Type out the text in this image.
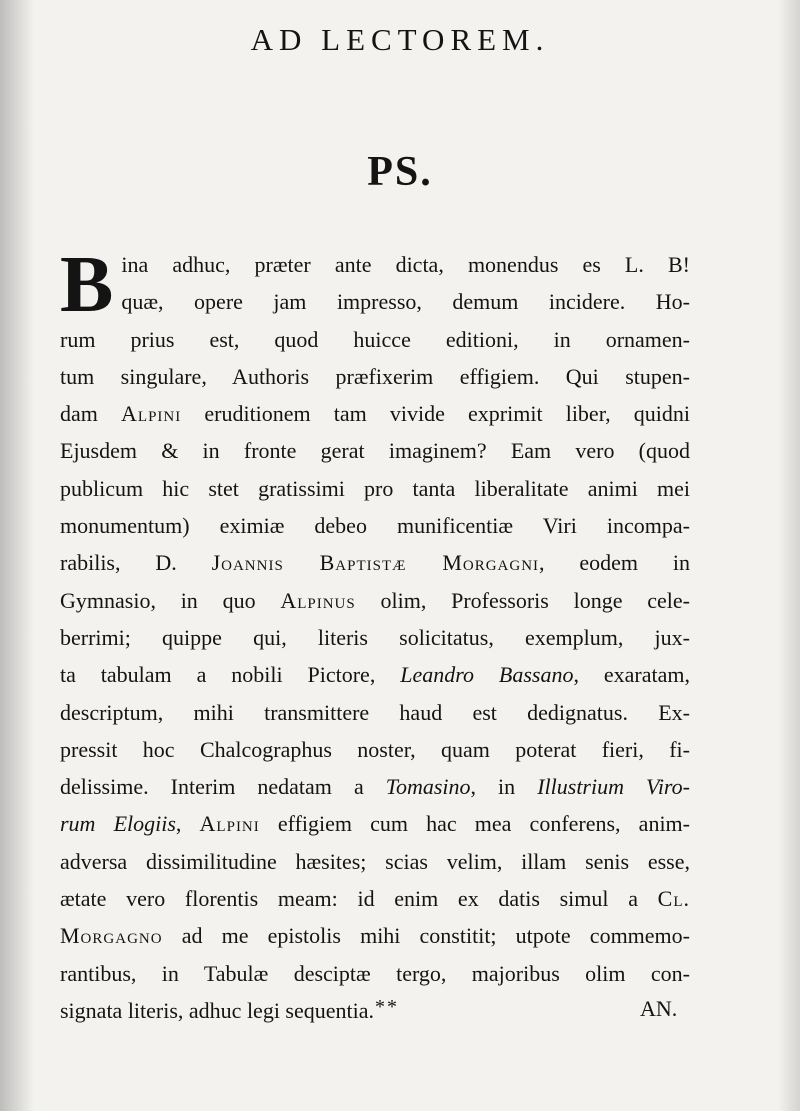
AD LECTOREM.
PS.
B ina adhuc, præter ante dicta, monendus es L. B!
quæ, opere jam impresso, demum incidere. Ho-
rum prius est, quod huicce editioni, in ornamen-
tum singulare, Authoris præfixerim effigiem. Qui stupen-
dam Alpini eruditionem tam vivide exprimit liber, quidni
Ejusdem & in fronte gerat imaginem? Eam vero (quod
publicum hic stet gratissimi pro tanta liberalitate animi mei
monumentum) eximiæ debeo munificentiæ Viri incompa-
rabilis, D. Joannis Baptistæ Morgagni, eodem in
Gymnasio, in quo Alpinus olim, Professoris longe cele-
berrimi; quippe qui, literis solicitatus, exemplum, jux-
ta tabulam a nobili Pictore, Leandro Bassano, exaratam,
descriptum, mihi transmittere haud est dedignatus. Ex-
pressit hoc Chalcographus noster, quam poterat fieri, fi-
delissime. Interim nedatam a Tomasino, in Illustrium Viro-
rum Elogiis, Alpini effigiem cum hac mea conferens, anim-
adversa dissimilitudine hæsites; scias velim, illam senis esse,
ætate vero florentis meam: id enim ex datis simul a Cl.
Morgagno ad me epistolis mihi constitit; utpote commemo-
rantibus, in Tabulæ desciptæ tergo, majoribus olim con-
signata literis, adhuc legi sequentia. **	AN.
